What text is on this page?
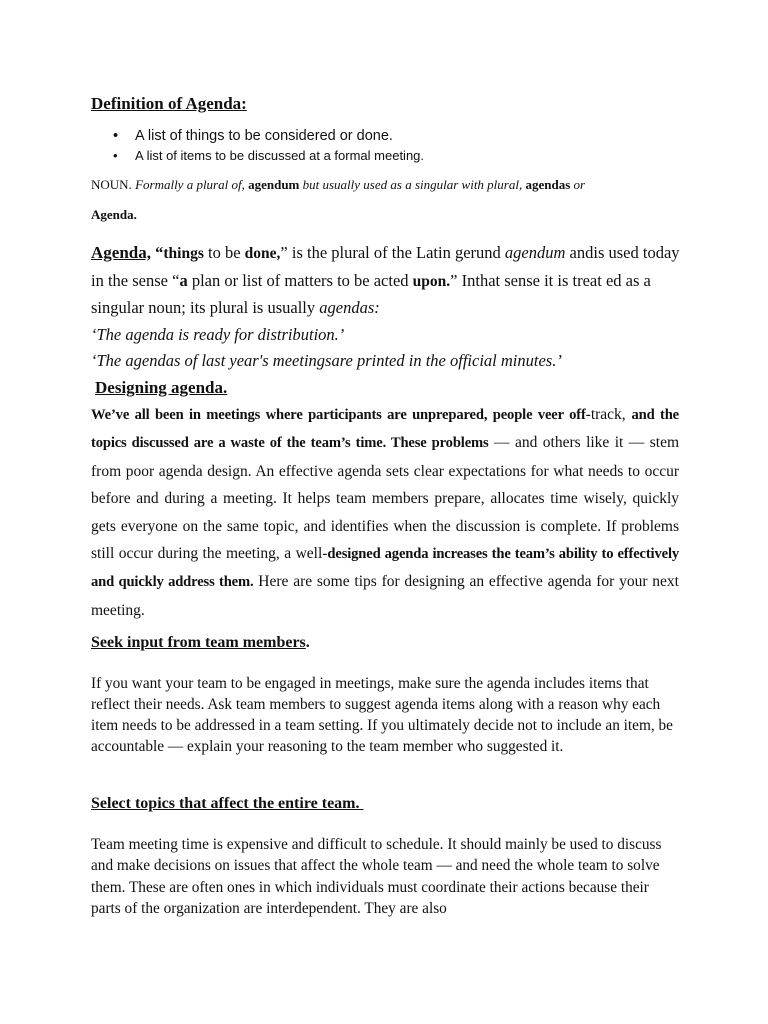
Definition of Agenda:
• A list of things to be considered or done.
• A list of items to be discussed at a formal meeting.
NOUN. Formally a plural of, agendum but usually used as a singular with plural, agendas or
Agenda.

Agenda, “things to be done,” is the plural of the Latin gerund agendum andis used today in the sense “a plan or list of matters to be acted upon.” Inthat sense it is treat ed as a singular noun; its plural is usually agendas:
‘The agenda is ready for distribution.’
‘The agendas of last year's meetingsare printed in the official minutes.’

Designing agenda.

We’ve all been in meetings where participants are unprepared, people veer off-track, and the topics discussed are a waste of the team’s time. These problems — and others like it — stem from poor agenda design. An effective agenda sets clear expectations for what needs to occur before and during a meeting. It helps team members prepare, allocates time wisely, quickly gets everyone on the same topic, and identifies when the discussion is complete. If problems still occur during the meeting, a well-designed agenda increases the team’s ability to effectively and quickly address them. Here are some tips for designing an effective agenda for your next meeting.

Seek input from team members.

If you want your team to be engaged in meetings, make sure the agenda includes items that reflect their needs. Ask team members to suggest agenda items along with a reason why each item needs to be addressed in a team setting. If you ultimately decide not to include an item, be accountable — explain your reasoning to the team member who suggested it.

Select topics that affect the entire team.

Team meeting time is expensive and difficult to schedule. It should mainly be used to discuss and make decisions on issues that affect the whole team — and need the whole team to solve them. These are often ones in which individuals must coordinate their actions because their parts of the organization are interdependent. They are also
